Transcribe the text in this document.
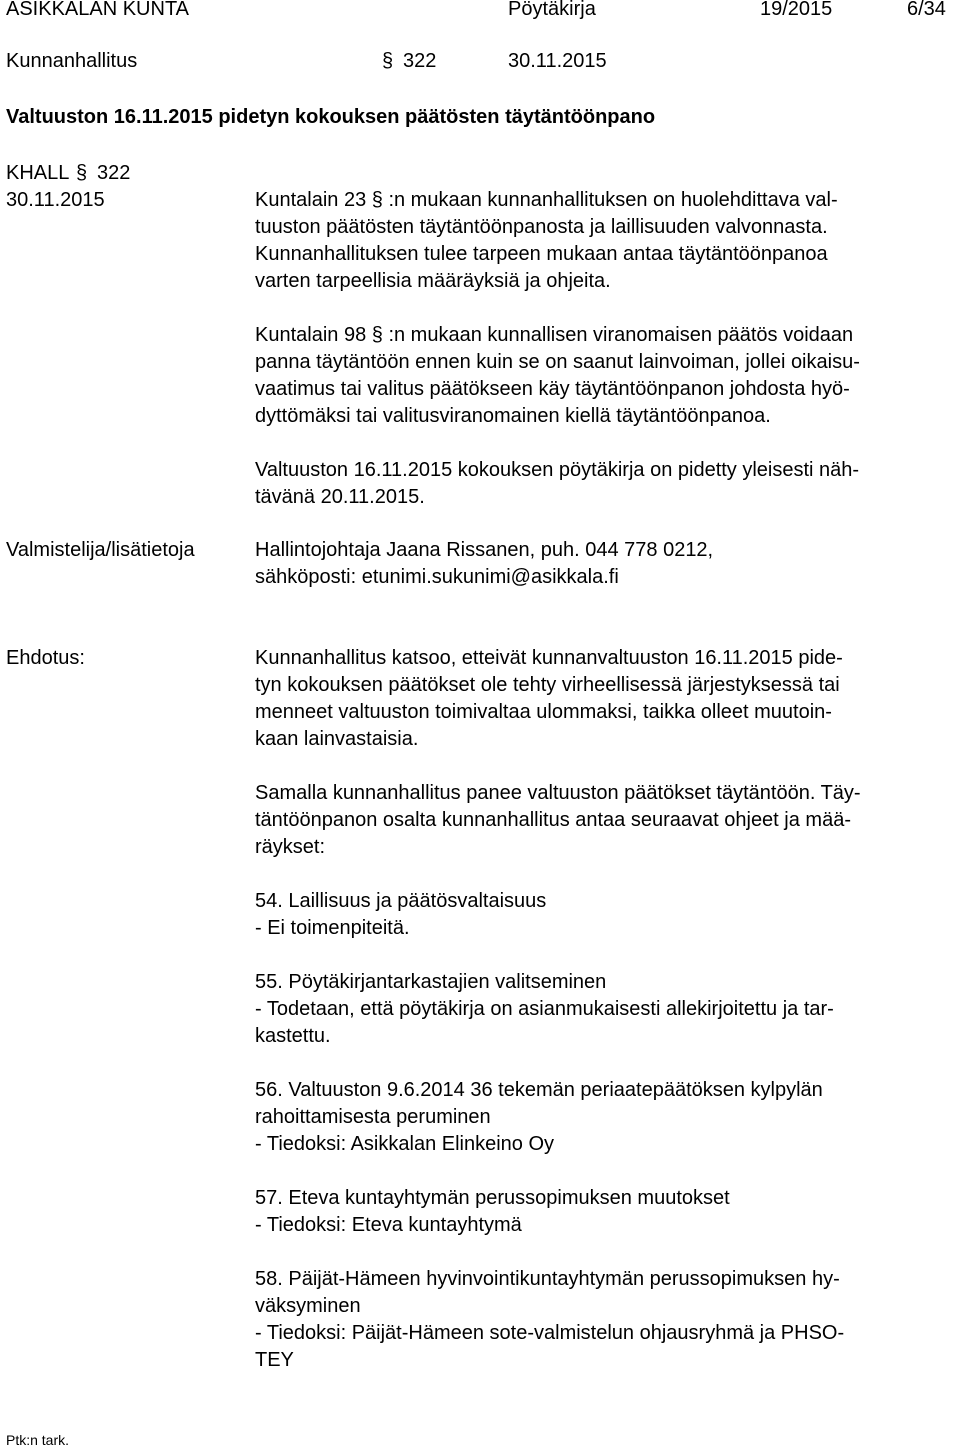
ASIKKALAN KUNTA	Pöytäkirja	19/2015	6/34
Kunnanhallitus	§ 322	30.11.2015
Valtuuston 16.11.2015 pidetyn kokouksen päätösten täytäntöönpano
KHALL § 322
30.11.2015	Kuntalain 23 § :n mukaan kunnanhallituksen on huolehdittava val-
tuuston päätösten täytäntöönpanosta ja laillisuuden valvonnasta.
Kunnanhallituksen tulee tarpeen mukaan antaa täytäntöönpanoa
varten tarpeellisia määräyksiä ja ohjeita.
Kuntalain 98 § :n mukaan kunnallisen viranomaisen päätös voidaan
panna täytäntöön ennen kuin se on saanut lainvoiman, jollei oikaisu-
vaatimus tai valitus päätökseen käy täytäntöönpanon johdosta hyö-
dyttömäksi tai valitusviranomainen kiellä täytäntöönpanoa.
Valtuuston 16.11.2015 kokouksen pöytäkirja on pidetty yleisesti näh-
tävänä 20.11.2015.
Valmistelija/lisätietoja	Hallintojohtaja Jaana Rissanen, puh. 044 778 0212,
sähköposti: etunimi.sukunimi@asikkala.fi
Ehdotus:	Kunnanhallitus katsoo, etteivät kunnanvaltuuston 16.11.2015 pide-
tyn kokouksen päätökset ole tehty virheellisessä järjestyksessä tai
menneet valtuuston toimivaltaa ulommaksi, taikka olleet muutoin-
kaan lainvastaisia.
Samalla kunnanhallitus panee valtuuston päätökset täytäntöön. Täy-
täntöönpanon osalta kunnanhallitus antaa seuraavat ohjeet ja mää-
räykset:
54. Laillisuus ja päätösvaltaisuus
- Ei toimenpiteitä.
55. Pöytäkirjantarkastajien valitseminen
- Todetaan, että pöytäkirja on asianmukaisesti allekirjoitettu ja tar-
kastettu.
56. Valtuuston 9.6.2014 36 tekemän periaatepäätöksen kylpylän
rahoittamisesta peruminen
- Tiedoksi: Asikkalan Elinkeino Oy
57. Eteva kuntayhtymän perussopimuksen muutokset
- Tiedoksi: Eteva kuntayhtymä
58. Päijät-Hämeen hyvinvointikuntayhtymän perussopimuksen hy-
väksyminen
- Tiedoksi: Päijät-Hämeen sote-valmistelun ohjausryhmä ja PHSO-
TEY
Ptk:n tark.
